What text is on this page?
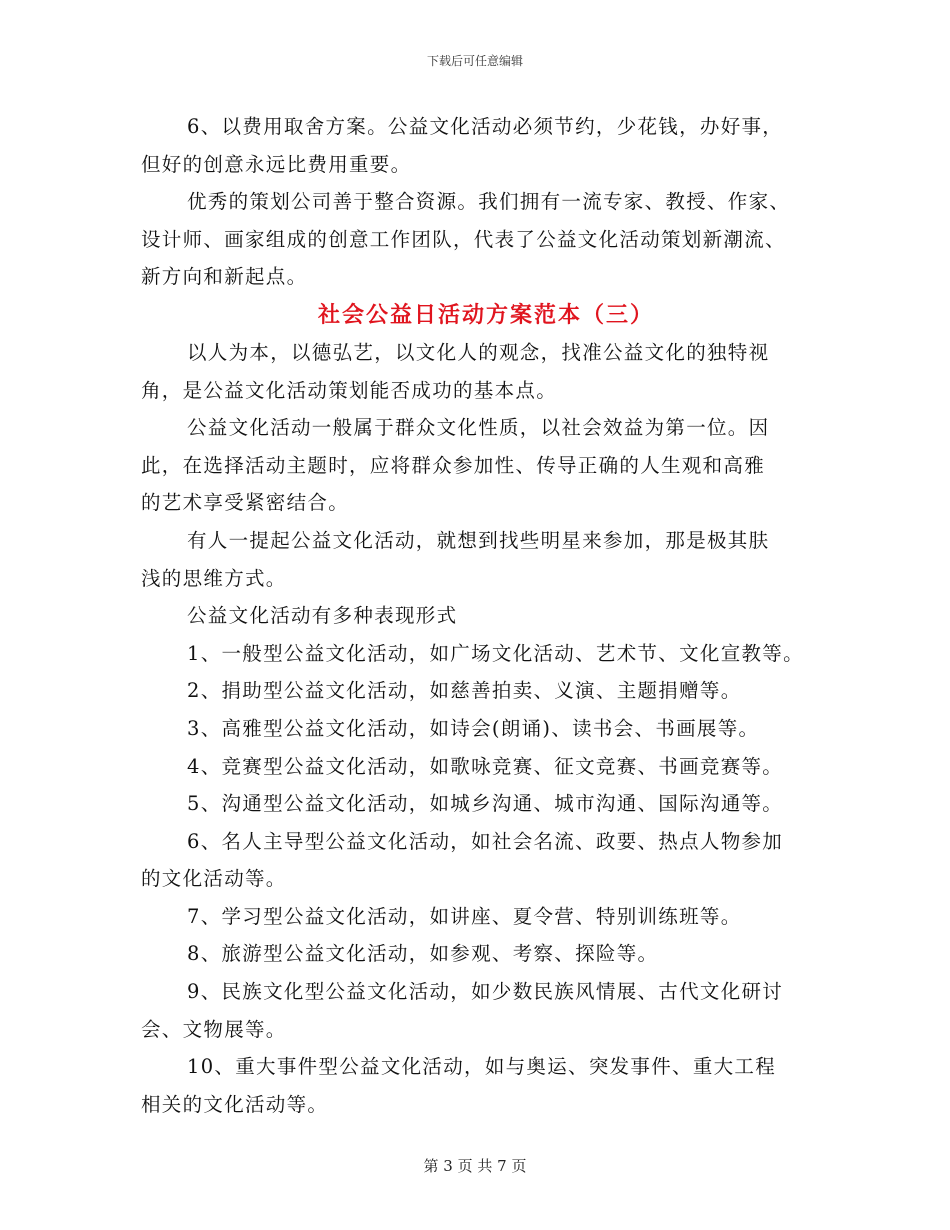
下载后可任意编辑
6、以费用取舍方案。公益文化活动必须节约，少花钱，办好事，
但好的创意永远比费用重要。
优秀的策划公司善于整合资源。我们拥有一流专家、教授、作家、
设计师、画家组成的创意工作团队，代表了公益文化活动策划新潮流、
新方向和新起点。
社会公益日活动方案范本（三）
以人为本，以德弘艺，以文化人的观念，找准公益文化的独特视
角，是公益文化活动策划能否成功的基本点。
公益文化活动一般属于群众文化性质，以社会效益为第一位。因
此，在选择活动主题时，应将群众参加性、传导正确的人生观和高雅
的艺术享受紧密结合。
有人一提起公益文化活动，就想到找些明星来参加，那是极其肤
浅的思维方式。
公益文化活动有多种表现形式
1、一般型公益文化活动，如广场文化活动、艺术节、文化宣教等。
2、捐助型公益文化活动，如慈善拍卖、义演、主题捐赠等。
3、高雅型公益文化活动，如诗会(朗诵)、读书会、书画展等。
4、竞赛型公益文化活动，如歌咏竞赛、征文竞赛、书画竞赛等。
5、沟通型公益文化活动，如城乡沟通、城市沟通、国际沟通等。
6、名人主导型公益文化活动，如社会名流、政要、热点人物参加
的文化活动等。
7、学习型公益文化活动，如讲座、夏令营、特别训练班等。
8、旅游型公益文化活动，如参观、考察、探险等。
9、民族文化型公益文化活动，如少数民族风情展、古代文化研讨
会、文物展等。
10、重大事件型公益文化活动，如与奥运、突发事件、重大工程
相关的文化活动等。
第 3 页 共 7 页
